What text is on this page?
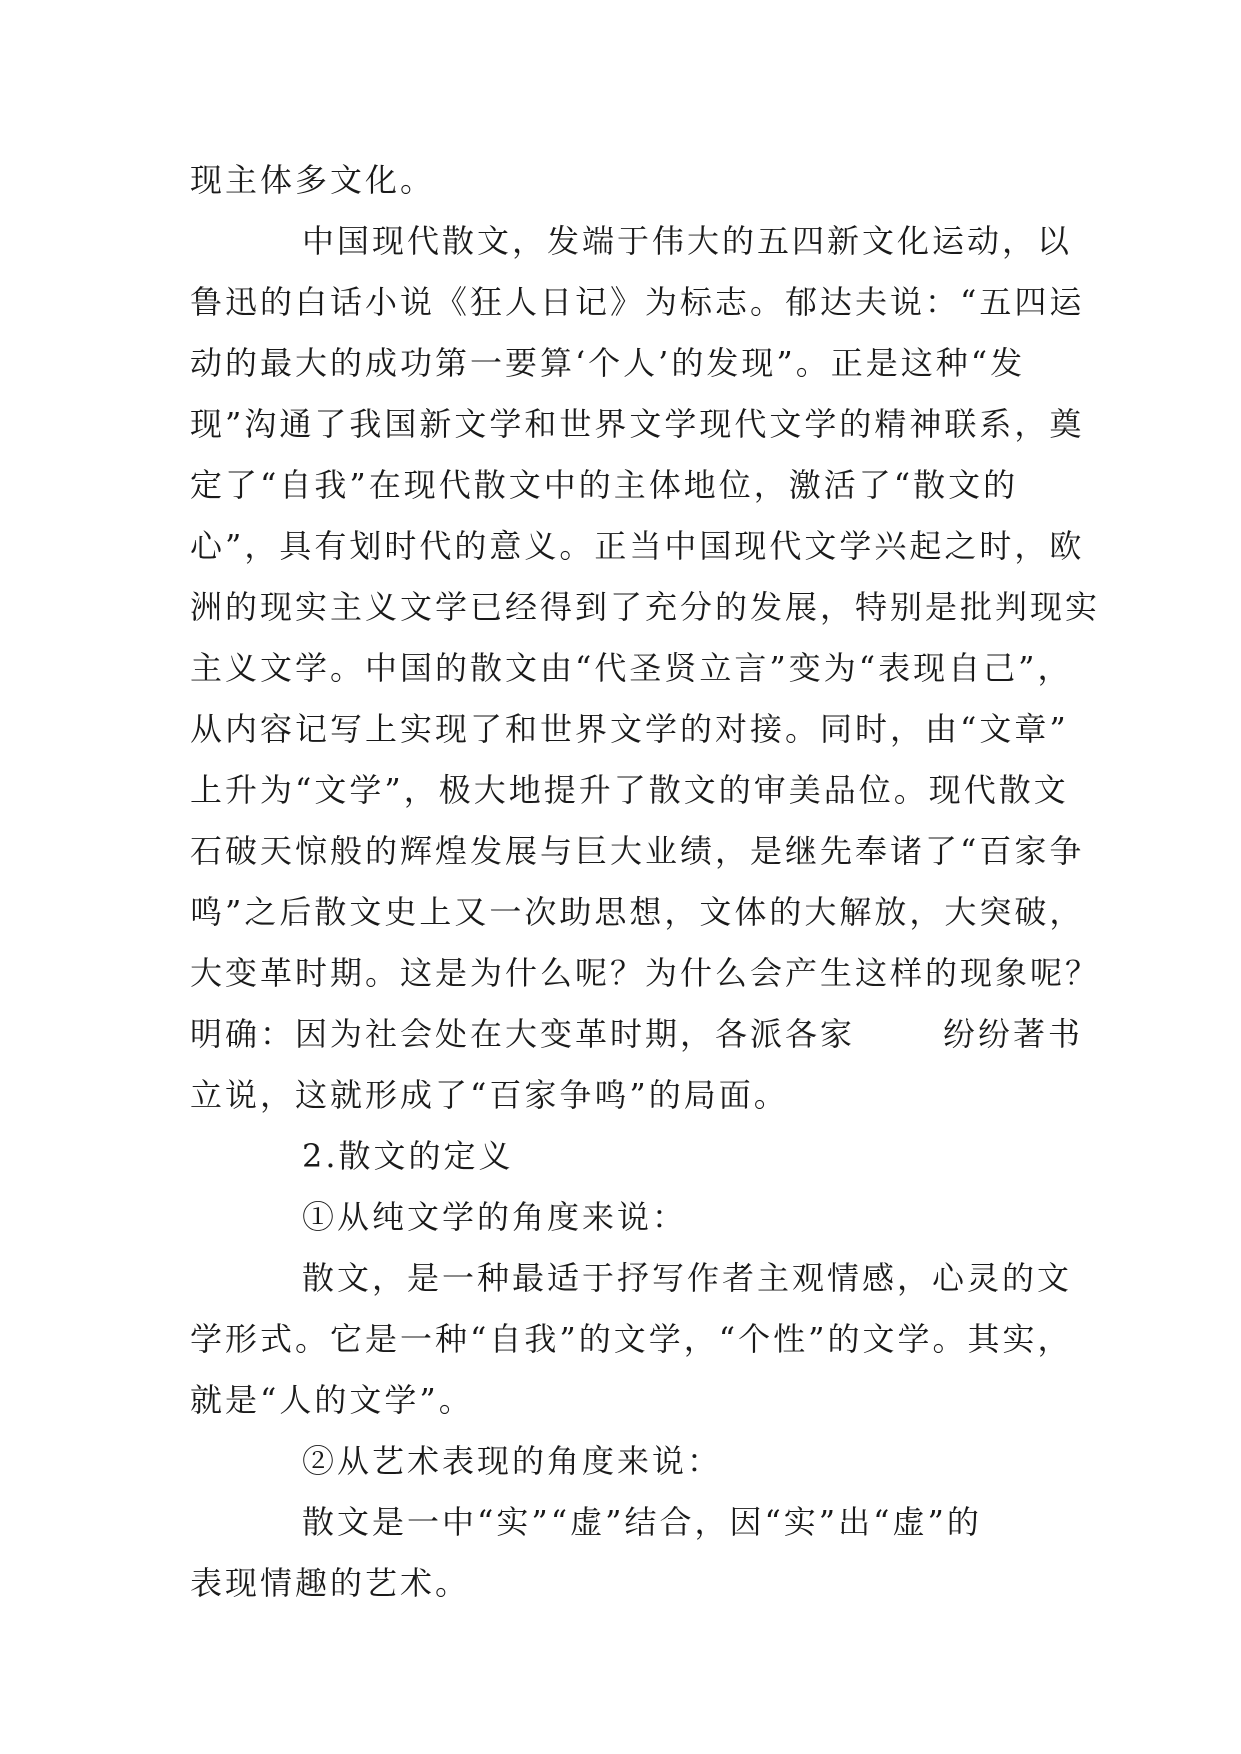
现主体多文化。
中国现代散文，发端于伟大的五四新文化运动，以
鲁迅的白话小说《狂人日记》为标志。郁达夫说：“五四运
动的最大的成功第一要算‘个人’的发现”。正是这种“发
现”沟通了我国新文学和世界文学现代文学的精神联系，奠
定了“自我”在现代散文中的主体地位，激活了“散文的
心”，具有划时代的意义。正当中国现代文学兴起之时，欧
洲的现实主义文学已经得到了充分的发展，特别是批判现实
主义文学。中国的散文由“代圣贤立言”变为“表现自己”，
从内容记写上实现了和世界文学的对接。同时，由“文章”
上升为“文学”，极大地提升了散文的审美品位。现代散文
石破天惊般的辉煌发展与巨大业绩，是继先奉诸了“百家争
鸣”之后散文史上又一次助思想，文体的大解放，大突破，
大变革时期。这是为什么呢？为什么会产生这样的现象呢？
明确：因为社会处在大变革时期，各派各家	纷纷著书
立说，这就形成了“百家争鸣”的局面。
2.散文的定义
①从纯文学的角度来说：
散文，是一种最适于抒写作者主观情感，心灵的文
学形式。它是一种“自我”的文学，“个性”的文学。其实，
就是“人的文学”。
②从艺术表现的角度来说：
散文是一中“实”“虚”结合，因“实”出“虚”的
表现情趣的艺术。
